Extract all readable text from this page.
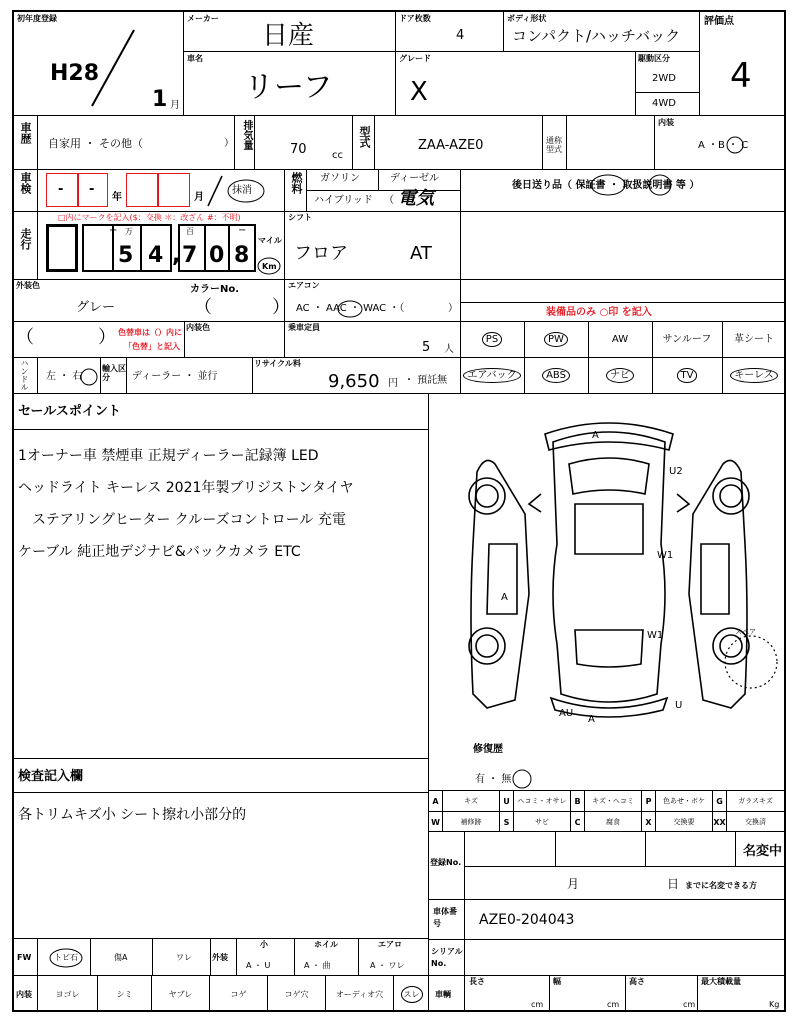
初年度登録
H28
1 月
メーカー
日産
車名
リーフ
ドア枚数
4
ボディ形状
コンパクト/ハッチバック
グレード
X
駆動区分
2WD
4WD
評価点
4
車歴 自家用 ・ その他（	） 排気量	70	cc
型式	ZAA-AZE0	通称型式
内装
A ・B ・ C
車検 - -
年	月
抹消	燃料 ガソリン	ディーゼル
ハイブリッド （ 電気
後日送り品（ 保証書 ・ 取扱説明書 等 ）
走行
□内にマークを記入($：交換 ＊：改ざん #：不明)
+ 万
5 4 ,
百
7 0
−
8
マイル
Km
シフト
フロア	AT
外装色
グレー
カラーNo.
（	）
エアコン
AC ・ AAC ・ WAC ・（	）	装備品のみ ○印 を記入
（	） 色替車は（）内に
「色替」と記入
内装色	乗車定員
5 人
PS	PW	AW	サンルーフ 革シート
ハンドル 左 ・ 右
輸入区分	ディーラー ・ 並行
リサイクル料
9,650 円 ・ 預託無	エアバック	ABS	ナビ	TV	キーレス
セールスポイント
1オーナー車 禁煙車 正規ディーラー記録簿 LED
ヘッドライト キーレス 2021年製ブリジストンタイヤ
ステアリングヒーター クルーズコントロール 充電
ケーブル 純正地デジナビ&バックカメラ ETC
検査記入欄
各トリムキズ小 シート擦れ小部分的
A
U2
W1
A
W1
AU
A
U
スペア
修復歴
有 ・ 無
A	キズ	U	ヘコミ・オサレ	B	キズ・ヘコミ	P	色あせ・ボケ	G	ガラスキズ
W	補修跡	S	サビ	C	腐食	X	交換要	XX	交換済
登録No.
名変中
月	日 までに名変できる方
車体番号	AZE0-204043
FW	トビ石	傷A	ワレ	外装
小
A ・ U
ホイル
A ・ 曲
エアロ
A ・ ワレ
シリアルNo.
内装	ヨゴレ	シミ	ヤブレ	コゲ	コゲ穴	オーディオ穴	スレ	車輌
長さ
cm
幅
cm
高さ
cm
最大積載量
Kg
